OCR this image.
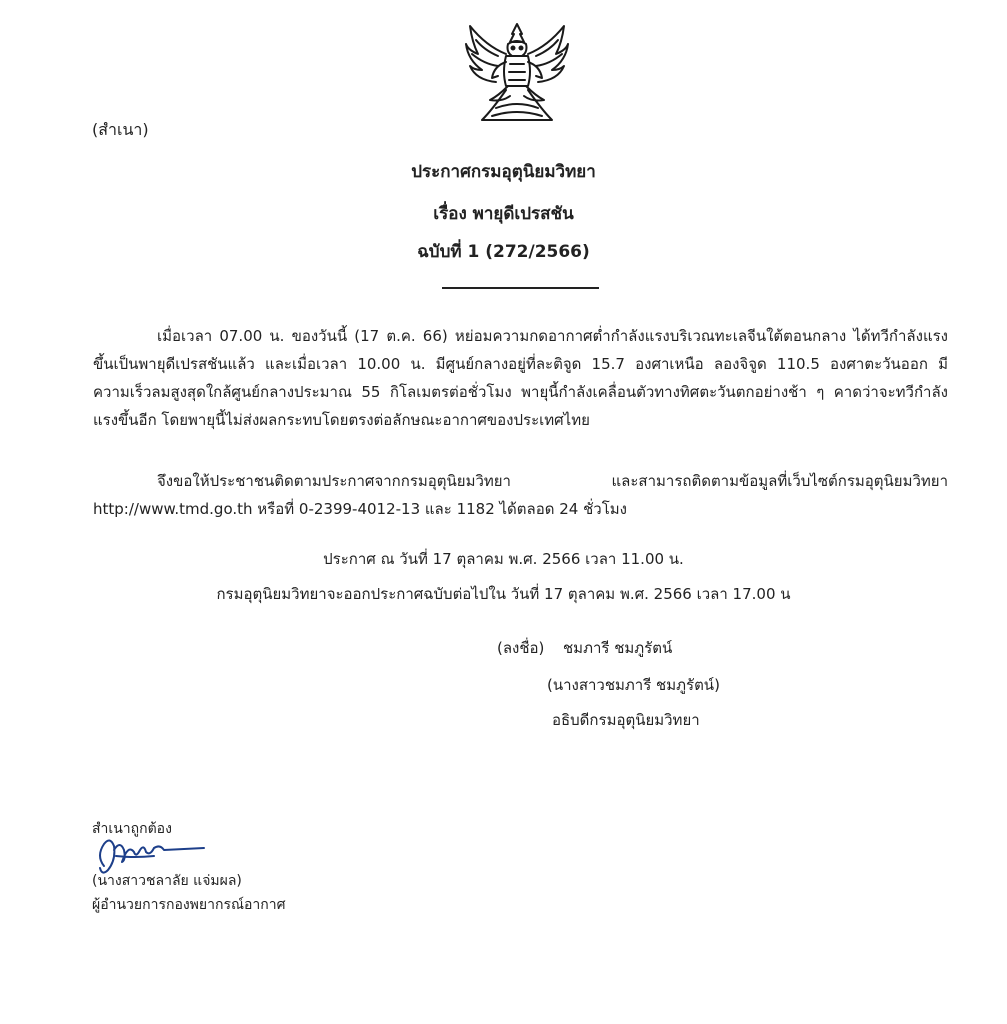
(สำเนา)
ประกาศกรมอุตุนิยมวิทยา
เรื่อง พายุดีเปรสชัน
ฉบับที่ 1 (272/2566)
เมื่อเวลา 07.00 น. ของวันนี้ (17 ต.ค. 66) หย่อมความกดอากาศต่ำกำลังแรงบริเวณทะเลจีนใต้ตอนกลาง ได้ทวีกำลังแรงขึ้นเป็นพายุดีเปรสชันแล้ว และเมื่อเวลา 10.00 น. มีศูนย์กลางอยู่ที่ละติจูด 15.7 องศาเหนือ ลองจิจูด 110.5 องศาตะวันออก มีความเร็วลมสูงสุดใกล้ศูนย์กลางประมาณ 55 กิโลเมตรต่อชั่วโมง พายุนี้กำลังเคลื่อนตัวทางทิศตะวันตกอย่างช้า ๆ คาดว่าจะทวีกำลังแรงขึ้นอีก โดยพายุนี้ไม่ส่งผลกระทบโดยตรงต่อลักษณะอากาศของประเทศไทย
จึงขอให้ประชาชนติดตามประกาศจากกรมอุตุนิยมวิทยา และสามารถติดตามข้อมูลที่เว็บไซต์กรมอุตุนิยมวิทยา http://www.tmd.go.th หรือที่ 0-2399-4012-13 และ 1182 ได้ตลอด 24 ชั่วโมง
ประกาศ ณ วันที่ 17 ตุลาคม พ.ศ. 2566 เวลา 11.00 น.
กรมอุตุนิยมวิทยาจะออกประกาศฉบับต่อไปใน วันที่ 17 ตุลาคม พ.ศ. 2566 เวลา 17.00 น
(ลงชื่อ) ชมภารี ชมภูรัตน์
(นางสาวชมภารี ชมภูรัตน์)
อธิบดีกรมอุตุนิยมวิทยา
สำเนาถูกต้อง
(นางสาวชลาลัย แจ่มผล)
ผู้อำนวยการกองพยากรณ์อากาศ
